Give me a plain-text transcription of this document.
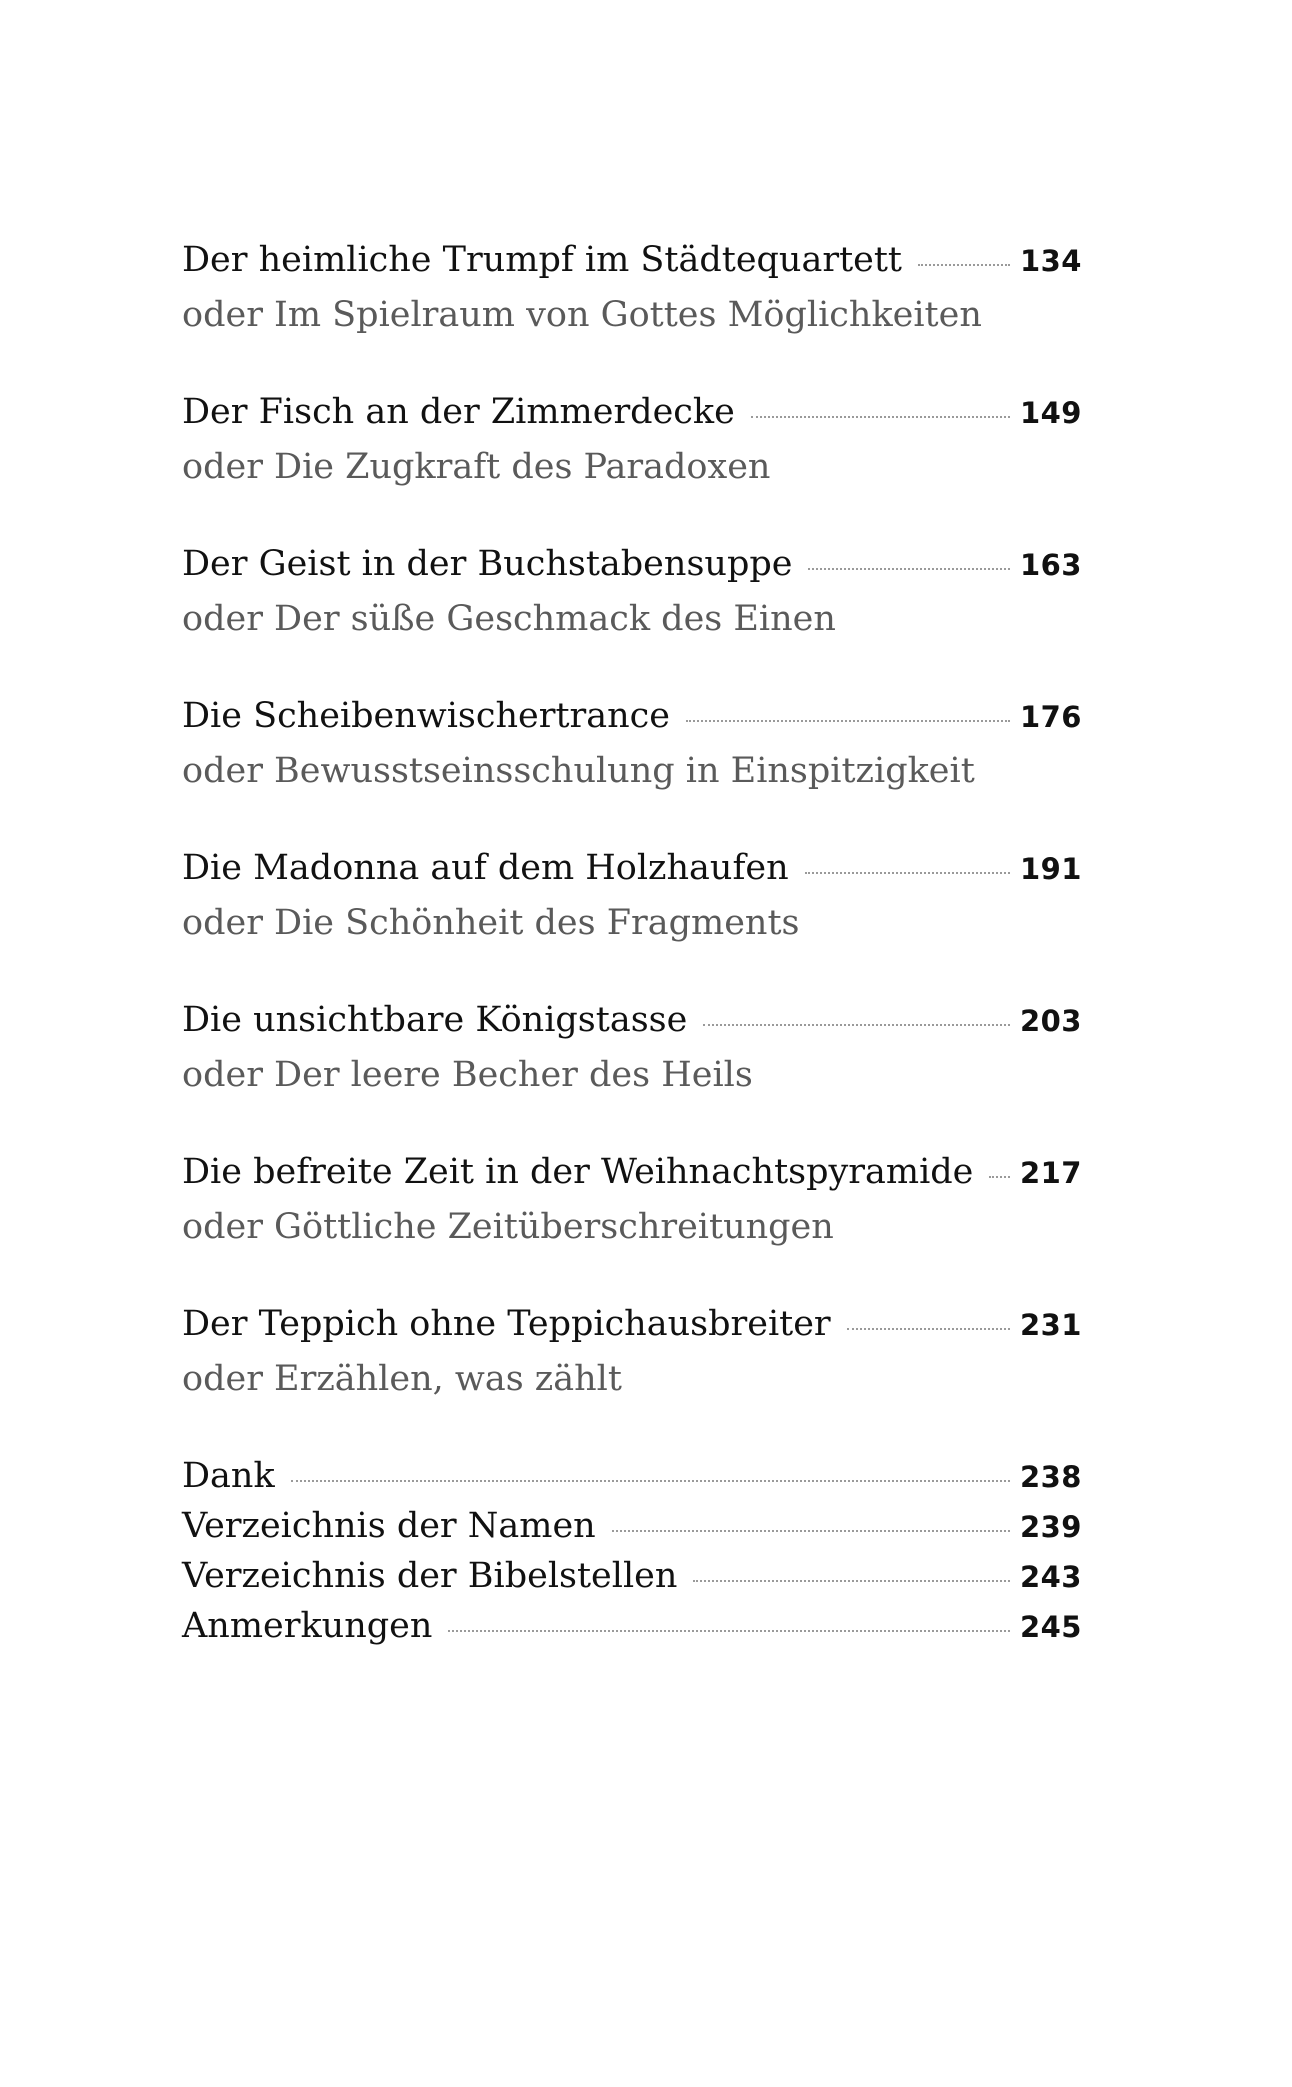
Der heimliche Trumpf im Städtequartett	134
oder Im Spielraum von Gottes Möglichkeiten
Der Fisch an der Zimmerdecke	149
oder Die Zugkraft des Paradoxen
Der Geist in der Buchstabensuppe	163
oder Der süße Geschmack des Einen
Die Scheibenwischertrance	176
oder Bewusstseinsschulung in Einspitzigkeit
Die Madonna auf dem Holzhaufen	191
oder Die Schönheit des Fragments
Die unsichtbare Königstasse	203
oder Der leere Becher des Heils
Die befreite Zeit in der Weihnachtspyramide 217
oder Göttliche Zeitüberschreitungen
Der Teppich ohne Teppichausbreiter	231
oder Erzählen, was zählt
Dank	238
Verzeichnis der Namen	239
Verzeichnis der Bibelstellen	243
Anmerkungen	245
